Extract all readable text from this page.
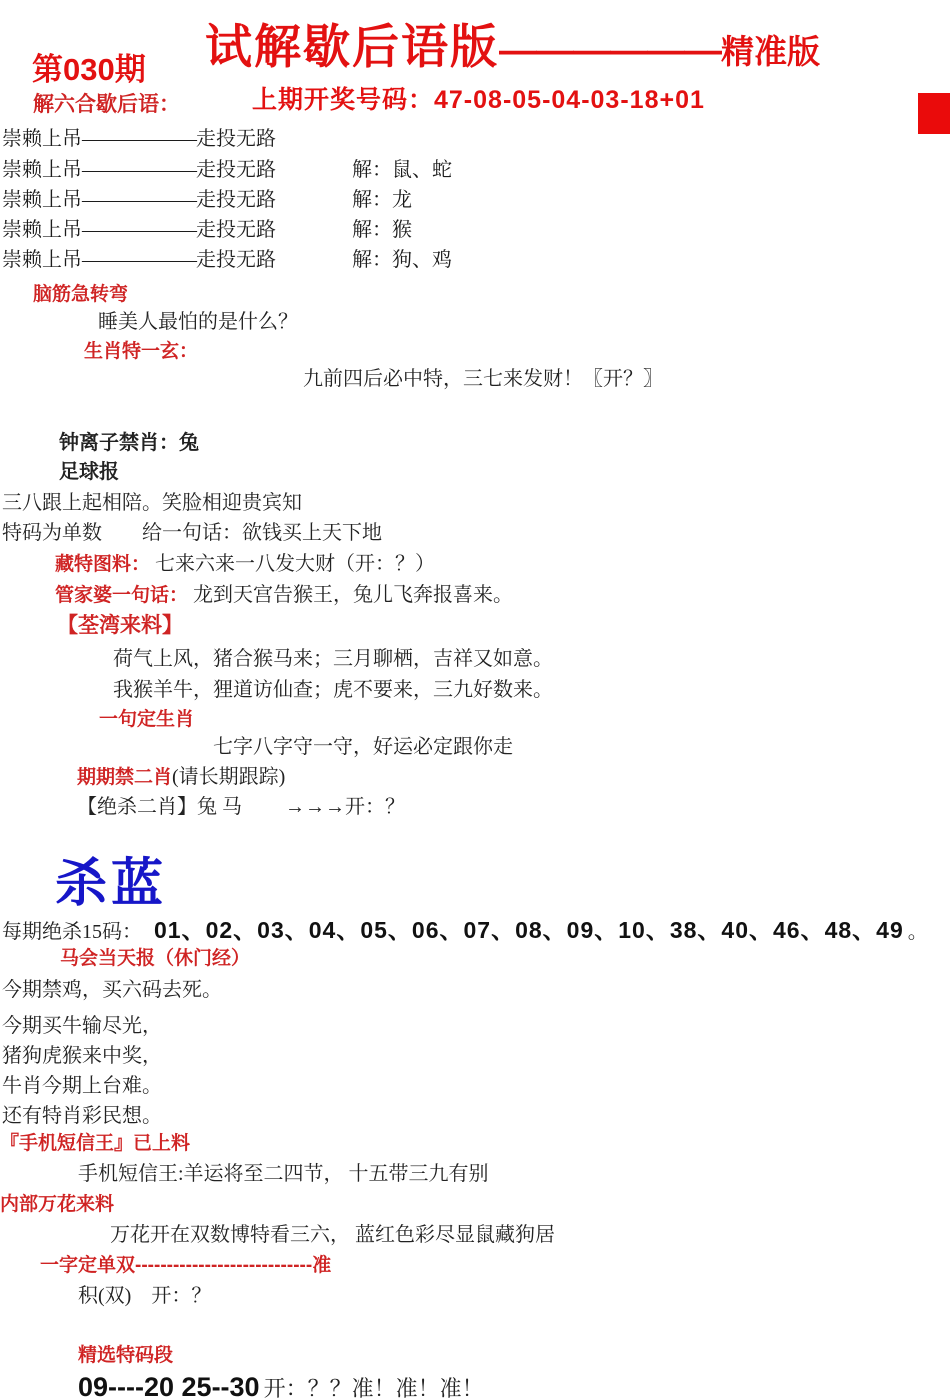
第030期 试解歇后语版——————精准版
解六合歇后语：	上期开奖号码：47-08-05-04-03-18+01
崇赖上吊——————走投无路
崇赖上吊——————走投无路	解：鼠、蛇
崇赖上吊——————走投无路	解：龙
崇赖上吊——————走投无路	解：猴
崇赖上吊——————走投无路	解：狗、鸡
脑筋急转弯
睡美人最怕的是什么？
生肖特一玄：
九前四后必中特，三七来发财！〖开？〗
钟离子禁肖：兔
足球报
三八跟上起相陪。笑脸相迎贵宾知
特码为单数　　给一句话：欲钱买上天下地
藏特图料： 七来六来一八发大财（开：？）
管家婆一句话： 龙到天宫告猴王，兔儿飞奔报喜来。
【荃湾来料】
荷气上风，猪合猴马来；三月聊栖，吉祥又如意。
我猴羊牛，狸道访仙查；虎不要来，三九好数来。
一句定生肖
七字八字守一守，好运必定跟你走
期期禁二肖(请长期跟踪)
【绝杀二肖】兔 马 →→→开：？
杀蓝
每期绝杀15码： 01、02、03、04、05、06、07、08、09、10、38、40、46、48、49 。
马会当天报（休门经）
今期禁鸡，买六码去死。
今期买牛输尽光，
猪狗虎猴来中奖，
牛肖今期上台难。
还有特肖彩民想。
『手机短信王』已上料
手机短信王:羊运将至二四节， 十五带三九有别
内部万花来料
万花开在双数博特看三六， 蓝红色彩尽显鼠藏狗居
一字定单双----------------------------准
积(双)　开：？
精选特码段
09----20 25--30 开：？？准！准！准！
